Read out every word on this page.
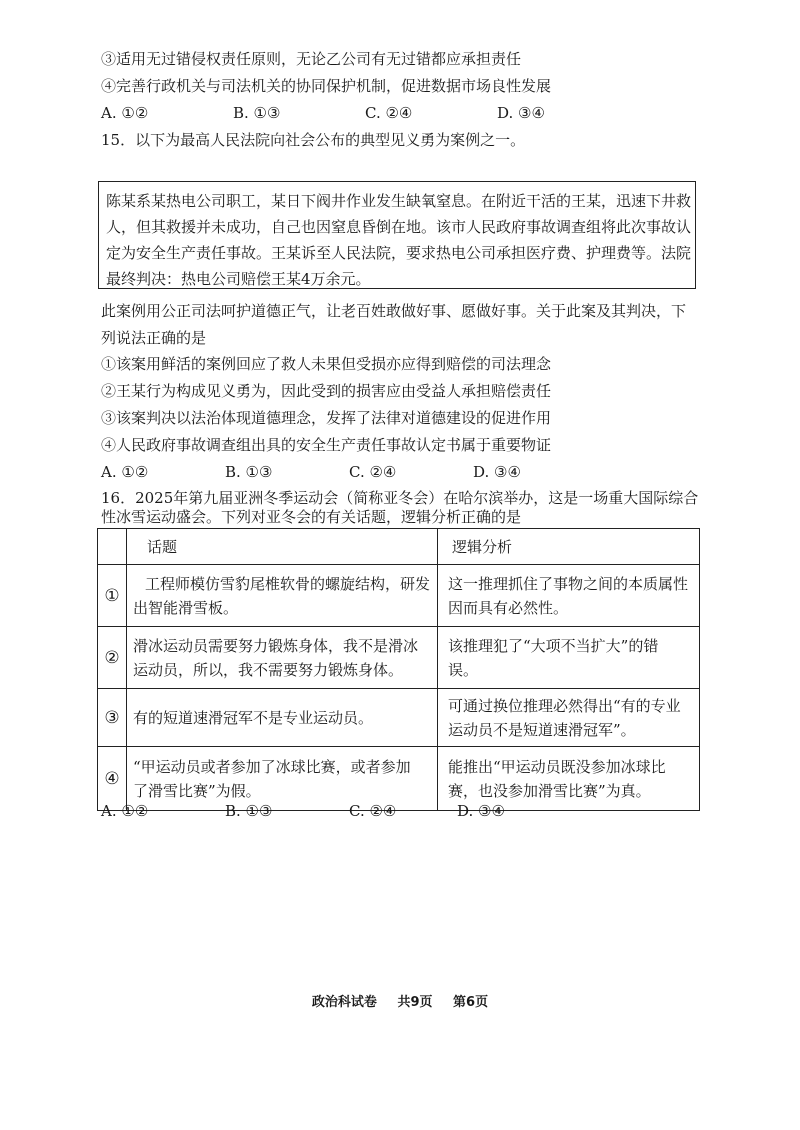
③适用无过错侵权责任原则，无论乙公司有无过错都应承担责任
④完善行政机关与司法机关的协同保护机制，促进数据市场良性发展
A. ①②	B. ①③	C. ②④	D. ③④
15．以下为最高人民法院向社会公布的典型见义勇为案例之一。
陈某系某热电公司职工，某日下阀井作业发生缺氧窒息。在附近干活的王某，迅速下井救
人，但其救援并未成功，自己也因窒息昏倒在地。该市人民政府事故调查组将此次事故认
定为安全生产责任事故。王某诉至人民法院，要求热电公司承担医疗费、护理费等。法院
最终判决：热电公司赔偿王某4万余元。
此案例用公正司法呵护道德正气，让老百姓敢做好事、愿做好事。关于此案及其判决，下
列说法正确的是
①该案用鲜活的案例回应了救人未果但受损亦应得到赔偿的司法理念
②王某行为构成见义勇为，因此受到的损害应由受益人承担赔偿责任
③该案判决以法治体现道德理念，发挥了法律对道德建设的促进作用
④人民政府事故调查组出具的安全生产责任事故认定书属于重要物证
A. ①②	B. ①③	C. ②④	D. ③④
16．2025年第九届亚洲冬季运动会（简称亚冬会）在哈尔滨举办，这是一场重大国际综合
性冰雪运动盛会。下列对亚冬会的有关话题，逻辑分析正确的是
	话题	逻辑分析
①	工程师模仿雪豹尾椎软骨的螺旋结构，研发
出智能滑雪板。	这一推理抓住了事物之间的本质属性
因而具有必然性。

②	滑冰运动员需要努力锻炼身体，我不是滑冰
运动员，所以，我不需要努力锻炼身体。	该推理犯了“大项不当扩大”的错
误。

③	有的短道速滑冠军不是专业运动员。	可通过换位推理必然得出“有的专业
运动员不是短道速滑冠军”。

④	“甲运动员或者参加了冰球比赛，或者参加
了滑雪比赛”为假。	能推出“甲运动员既没参加冰球比
赛，也没参加滑雪比赛”为真。
A. ①②	B. ①③	C. ②④	D. ③④
政治科试卷 共9页 第6页
